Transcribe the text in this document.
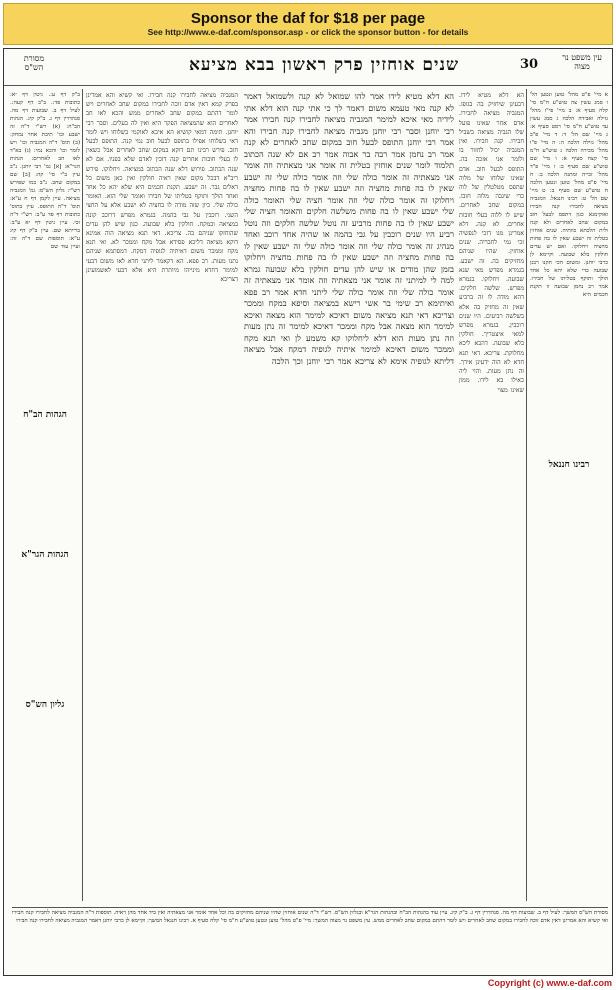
Sponsor the daf for $18 per page
See http://www.e-daf.com/sponsor.asp - or click the sponsor button - for details
מסורת הש"ס	שנים אוחזין פרק ראשון בבא מציעא	30	עין משפט נר מצוה

ב"ק דף ע:. גיטין דף יא: כתובות פד:. ב"ב דף קעה:. לעיל דף ב. שבועות דף מה. סנהדרין דף ג. ב"ק קיג. הגהות הב"ח: (א) רש"י ד"ה זה ישבע וכו' תיבת אחר נמחק: (ב) תוס' ד"ה המגביה וכו' ויש לומר וכו' והכא נמי: (ג) בא"ד לאו חב לאחרים: הגהות הגר"א: [א] גמ' רבי יוחנן. נ"ב עיין ב"י סי' קה: [ב] שם במקום שחב. נ"ב כמו שפירש רש"י: גליון הש"ס: גמ' המגביה מציאה. עיין לקמן דף ח ע"א: תוס' ד"ה התופס. עיין בתוס' כתובות דף פד ע"ב: רש"י ד"ה זכי. עיין גיטין דף יא ע"ב: ברייתא שם. עיין ב"ק דף קיג ע"א: תוספות שם ד"ה זה: ועיין עוד שם

המגביה מציאה לחבירו קנה חבירו. ואי קשיא והא אמרינן בפרק קמא דאין אדם זוכה לחבירו במקום שחב לאחרים ויש לומר דהתם במקום שחב לאחרים ממש והכא לאו חב לאחרים הוא שהמציאה הפקר היא ואין לה בעלים. וסבר רבי יוחנן. תימה דמאי קושיא הא איכא לאוקמי בשלוחו ויש לומר דאי בשלוחו אפילו בתופס לבעל חוב נמי קנה. התופס לבעל חוב. פירש רבינו תם דוקא במקום שחב לאחרים אבל כשאין לו בעלי חובות אחרים קנה דזכין לאדם שלא בפניו. אם לא שנה הכתוב. פירוש דלא שנה הכתוב במציאה. ויחלוקו. פירש ריב"א דבכל מקום שאין ראיה חולקין ואין כאן משום כל דאלים גבר. זה ישבע. תקנת חכמים היא שלא יהא כל אחד ואחד הולך ותוקף בטליתו של חבירו ואומר שלי הוא. האומר כולה שלי. כיון שזה מודה לו בחציה לא ישבע אלא על החצי השני. רוכבין על גבי בהמה. בגמרא מפרש דרוכב קונה במציאה ובמקח. חולקין בלא שבועה. כגון שיש להן עדים שהוחזקו שניהם בה. צריכא. דאי תנא מציאה הוה אמינא דוקא מציאה דליכא פסידא אבל מקח וממכר לא. ואי תנא מקח וממכר משום דאיתיה לגופיה דמקח. דמסתמא שניהם נתנו מעות. רב פפא. הא דקאמר ליתני חדא לאו משום דבעי למימר דחדא מינייהו מיותרת היא אלא דבעי לאשמועינן דצריכא

הא דלא מטיא לידו אמר להו שמואל לא קנה ולשמואל דאמר לא קנה מאי טעמא משום דאמר לך כי אתי קנה הוא דלא אתי לידיה מאי איכא למימר המגביה מציאה לחבירו קנה חבירו אמר רבי יוחנן וסבר רבי יוחנן מגביה מציאה לחבירו קנה חבירו והא אמר רבי יוחנן התופס לבעל חוב במקום שחב לאחרים לא קנה אמר רב נחמן אמר רבה בר אבוה אמר רב אם לא שנה הכתוב תלמוד לומר שנים אוחזין בטלית זה אומר אני מצאתיה וזה אומר אני מצאתיה זה אומר כולה שלי וזה אומר כולה שלי זה ישבע שאין לו בה פחות מחציה וזה ישבע שאין לו בה פחות מחציה ויחלוקו זה אומר כולה שלי וזה אומר חציה שלי האומר כולה שלי ישבע שאין לו בה פחות משלשה חלקים והאומר חציה שלי ישבע שאין לו בה פחות מרביע זה נוטל שלשה חלקים וזה נוטל רביע היו שנים רוכבין על גבי בהמה או שהיה אחד רוכב ואחד מנהיג זה אומר כולה שלי וזה אומר כולה שלי זה ישבע שאין לו בה פחות מחציה וזה ישבע שאין לו בה פחות מחציה ויחלוקו בזמן שהן מודים או שיש להן עדים חולקין בלא שבועה גמרא למה לי למיתני זה אומר אני מצאתיה וזה אומר אני מצאתיה זה אומר כולה שלי וזה אומר כולה שלי ליתני חדא אמר רב פפא ואיתימא רב שימי בר אשי רישא במציאה וסיפא במקח וממכר וצריכא דאי תנא מציאה משום דאיכא למימר הוא מצאה ואיכא למימר הוא מצאה אבל מקח וממכר דאיכא למימר זה נתן מעות וזה נתן מעות הוא דלא ליחלוקו קא משמע לן ואי תנא מקח וממכר משום דאיכא למימר איתיה לגופיה דמקח אבל מציאה דליתא לגופיה אימא לא צריכא אמר רבי יוחנן וכך הלכה

הא דלא מטיא לידו. דבעינן שיחזיק בה בגופו. המגביה מציאה לחבירו. אדם אחר שאינו פועל שלו הגביה מציאה בשביל חבירו. קנה חבירו. ואין המגביה יכול לחזור בו ולומר אני אזכה בה. התופס לבעל חוב. אדם שאינו שלוחו של מלוה שתפס מטלטלין של לוה כדי שיגבה מלוה חובו. במקום שחב לאחרים. שיש לו ללוה בעלי חובות אחרים. לא קנה. דלא אמרינן מגו דזכי לנפשיה זכי נמי לחבריה. שנים אוחזין. שהיו שניהם מחזיקים בה. זה ישבע. בגמרא מפרש מאי שנא שבועה. ויחלוקו. בגמרא מפרש. שלשה חלקים. דהא מודה לו זה ברביע שאין זה מחזיק בה אלא בשלשה רביעים. היו שנים רוכבין. בגמרא מפרש למאי איצטריך. חולקין בלא שבועה. דהכא ליכא מחלוקת. צריכא. דאי תנא חדא לא הוה ידעינן אידך. זה נתן מעות. והוי ליה כאילו בא לידו. ממון שאינו מצוי

א מיי' פ"ט מהל' טוען ונטען הל' ז סמג עשין צה טוש"ע ח"מ סי' קלח סעיף א: ב מיי' פי"ז מהל' גזילה ואבידה הלכה ג סמג עשין עד טוש"ע ח"מ סי' רסט סעיף א: ג מיי' שם הל' ד: ד מיי' פ"ב מהל' גזילה הלכה ה: ה מיי' פ"ו מהל' מכירה הלכה ג טוש"ע ח"מ סי' קצח סעיף א: ו מיי' שם טוש"ע שם סעיף ב: ז מיי' פ"ד מהל' זכייה ומתנה הלכה ב: ח מיי' פ"ט מהל' טוען ונטען הלכה ח טוש"ע שם סעיף ב: ט מיי' שם הל' ט: רבינו חננאל. המגביה מציאה לחבירו קנה חבירו ואוקימנא כגון דתפס לבעל חוב במקום שחב לאחרים ולא קנה ולית הלכתא כוותיה. שנים אוחזין בטלית זה ישבע שאין לו בה פחות מחציה ויחלוקו. ואם יש עדים חולקין בלא שבועה. וקיימא לן כרבי יוחנן. ומשום הכי תקנו רבנן שבועה כדי שלא יהא כל אחד הולך ותוקף בטליתו של חבירו. אמר רב נחמן שבועה זו תקנת חכמים היא

רבינו חננאל
הגהות הב"ח
הגהות הגר"א
גליון הש"ס

מסורת הש"ס המשך: לעיל דף ב. שבועות דף מה. סנהדרין דף ג. ב"ק קיג. עיין עוד בהגהות הב"ח ובהגהות הגר"א ובגליון הש"ס. רש"י ד"ה שנים אוחזין שהיו שניהם מחזיקים בה וכל אחד אומר אני מצאתיה ואין ביד אחד מהן ראיה. תוספות ד"ה המגביה מציאה לחבירו קנה חבירו ואי קשיא והא אמרינן דאין אדם זוכה לחבירו במקום שחב לאחרים ויש לומר דהתם במקום שחב לאחרים ממש. עין משפט נר מצוה המשך: מיי' פ"ט מהל' טוען ונטען טוש"ע ח"מ סי' קלח סעיף א. רבינו חננאל המשך: וקיימא לן כרבי יוחנן דאמר המגביה מציאה לחבירו קנה חבירו

Copyright (c) www.e-daf.com
